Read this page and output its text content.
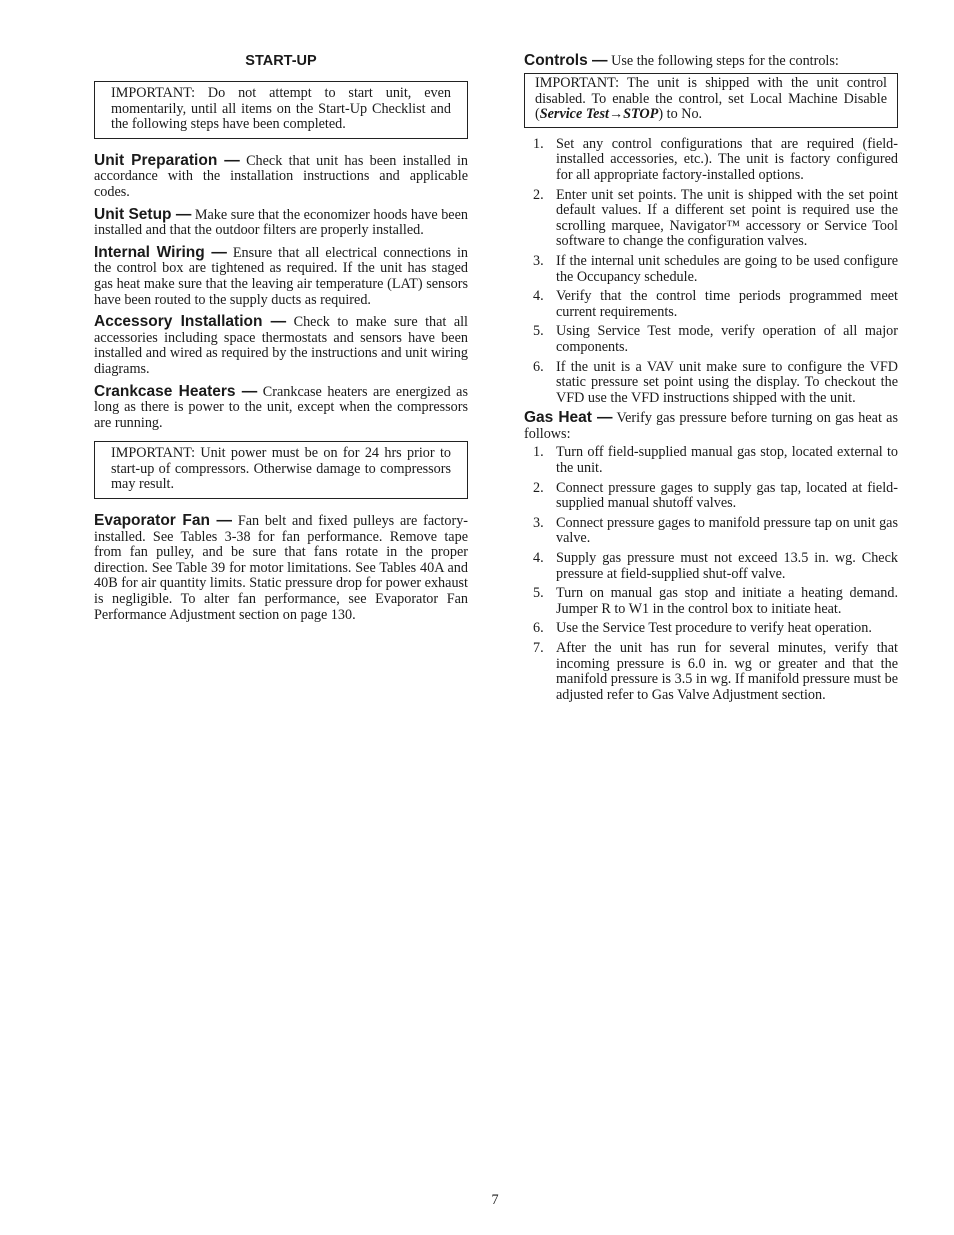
START-UP
IMPORTANT: Do not attempt to start unit, even momentarily, until all items on the Start-Up Checklist and the following steps have been completed.

Unit Preparation — Check that unit has been installed in accordance with the installation instructions and applicable codes.

Unit Setup — Make sure that the economizer hoods have been installed and that the outdoor filters are properly installed.

Internal Wiring — Ensure that all electrical connections in the control box are tightened as required. If the unit has staged gas heat make sure that the leaving air temperature (LAT) sensors have been routed to the supply ducts as required.

Accessory Installation — Check to make sure that all accessories including space thermostats and sensors have been installed and wired as required by the instructions and unit wiring diagrams.

Crankcase Heaters — Crankcase heaters are energized as long as there is power to the unit, except when the compressors are running.

IMPORTANT: Unit power must be on for 24 hrs prior to start-up of compressors. Otherwise damage to compressors may result.

Evaporator Fan — Fan belt and fixed pulleys are factory-installed. See Tables 3-38 for fan performance. Remove tape from fan pulley, and be sure that fans rotate in the proper direction. See Table 39 for motor limitations. See Tables 40A and 40B for air quantity limits. Static pressure drop for power exhaust is negligible. To alter fan performance, see Evaporator Fan Performance Adjustment section on page 130.

Controls — Use the following steps for the controls:

IMPORTANT: The unit is shipped with the unit control disabled. To enable the control, set Local Machine Disable (Service Test→STOP) to No.
1. Set any control configurations that are required (field-installed accessories, etc.). The unit is factory configured for all appropriate factory-installed options.
2. Enter unit set points. The unit is shipped with the set point default values. If a different set point is required use the scrolling marquee, Navigator™ accessory or Service Tool software to change the configuration valves.
3. If the internal unit schedules are going to be used configure the Occupancy schedule.
4. Verify that the control time periods programmed meet current requirements.
5. Using Service Test mode, verify operation of all major components.
6. If the unit is a VAV unit make sure to configure the VFD static pressure set point using the display. To checkout the VFD use the VFD instructions shipped with the unit.

Gas Heat — Verify gas pressure before turning on gas heat as follows:

1. Turn off field-supplied manual gas stop, located external to the unit.
2. Connect pressure gages to supply gas tap, located at field-supplied manual shutoff valves.
3. Connect pressure gages to manifold pressure tap on unit gas valve.
4. Supply gas pressure must not exceed 13.5 in. wg. Check pressure at field-supplied shut-off valve.
5. Turn on manual gas stop and initiate a heating demand. Jumper R to W1 in the control box to initiate heat.
6. Use the Service Test procedure to verify heat operation.
7. After the unit has run for several minutes, verify that incoming pressure is 6.0 in. wg or greater and that the manifold pressure is 3.5 in wg. If manifold pressure must be adjusted refer to Gas Valve Adjustment section.
7
